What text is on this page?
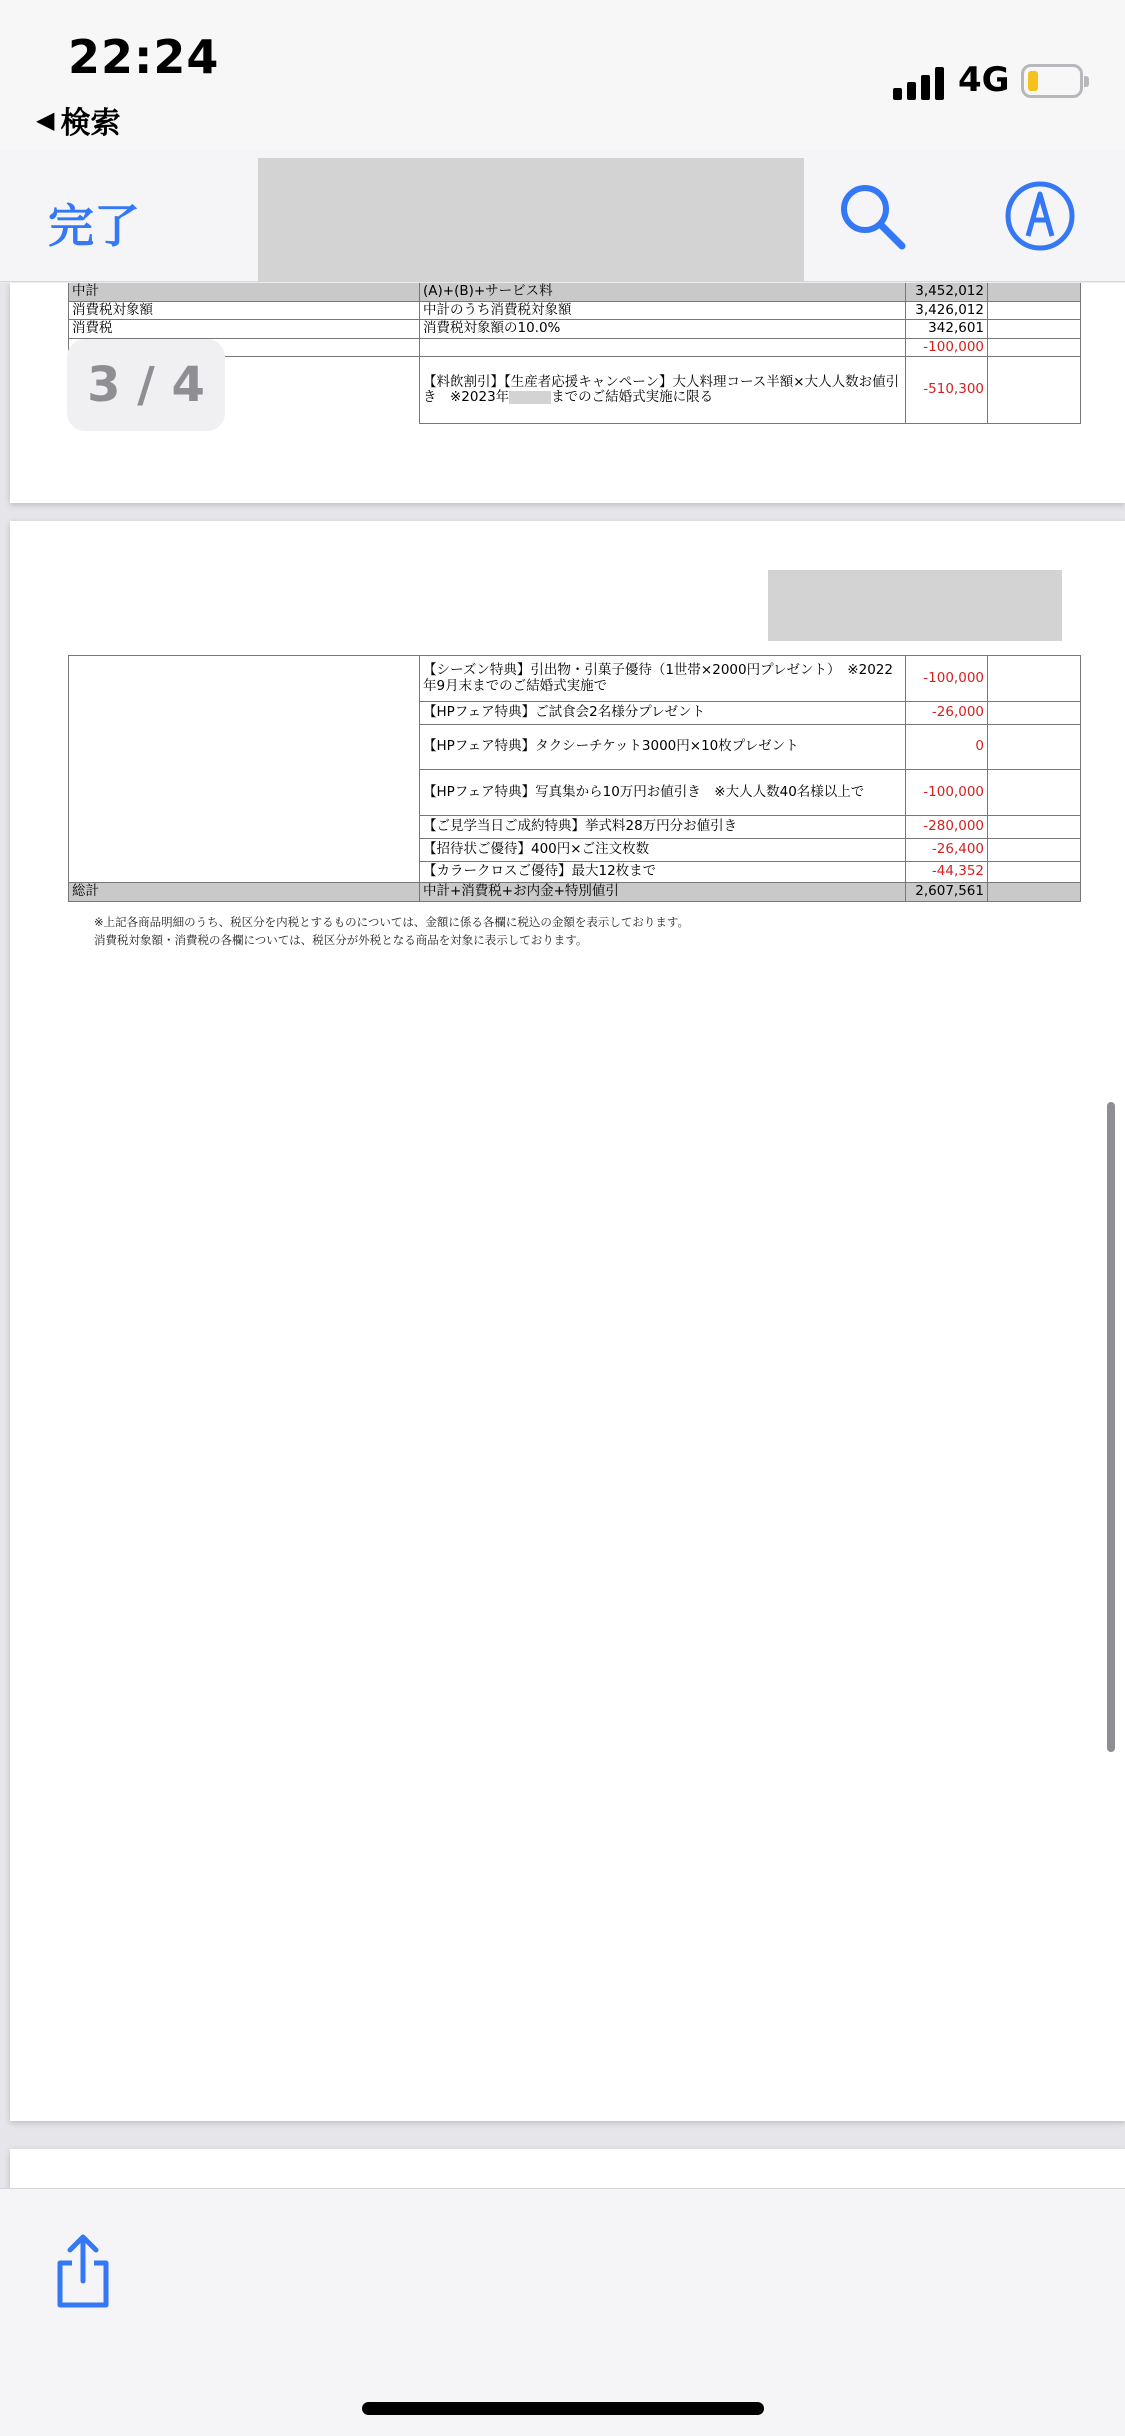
22:24
◀ 検索
4G
完了
中計	(A)+(B)+サービス料	3,452,012	
消費税対象額	中計のうち消費税対象額	3,426,012	
消費税	消費税対象額の10.0%	342,601	
		-100,000	
	【料飲割引】【生産者応援キャンペーン】大人料理コース半額×大人人数お値引き　※2023年 までのご結婚式実施に限る	-510,300	
3 / 4
	【シーズン特典】引出物・引菓子優待（1世帯×2000円プレゼント）　※2022年9月末までのご結婚式実施で	-100,000	
	【HPフェア特典】ご試食会2名様分プレゼント	-26,000	
	【HPフェア特典】タクシーチケット3000円×10枚プレゼント	0	
	【HPフェア特典】写真集から10万円お値引き　※大人人数40名様以上で	-100,000	
	【ご見学当日ご成約特典】挙式料28万円分お値引き	-280,000	
	【招待状ご優待】400円×ご注文枚数	-26,400	
	【カラークロスご優待】最大12枚まで	-44,352	
総計	中計+消費税+お内金+特別値引	2,607,561	
※上記各商品明細のうち、税区分を内税とするものについては、金額に係る各欄に税込の金額を表示しております。
消費税対象額・消費税の各欄については、税区分が外税となる商品を対象に表示しております。
